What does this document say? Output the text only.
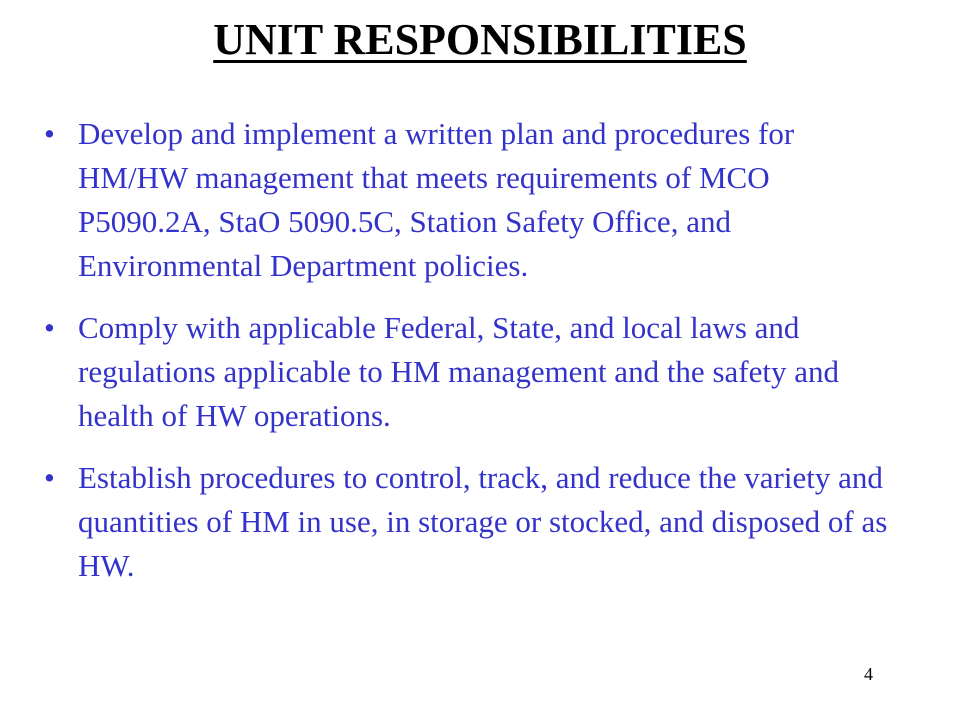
UNIT RESPONSIBILITIES
• Develop and implement a written plan and procedures for HM/HW management that meets requirements of MCO P5090.2A, StaO 5090.5C, Station Safety Office, and Environmental Department policies.
• Comply with applicable Federal, State, and local laws and regulations applicable to HM management and the safety and health of HW operations.
• Establish procedures to control, track, and reduce the variety and quantities of HM in use, in storage or stocked, and disposed of as HW.
4
